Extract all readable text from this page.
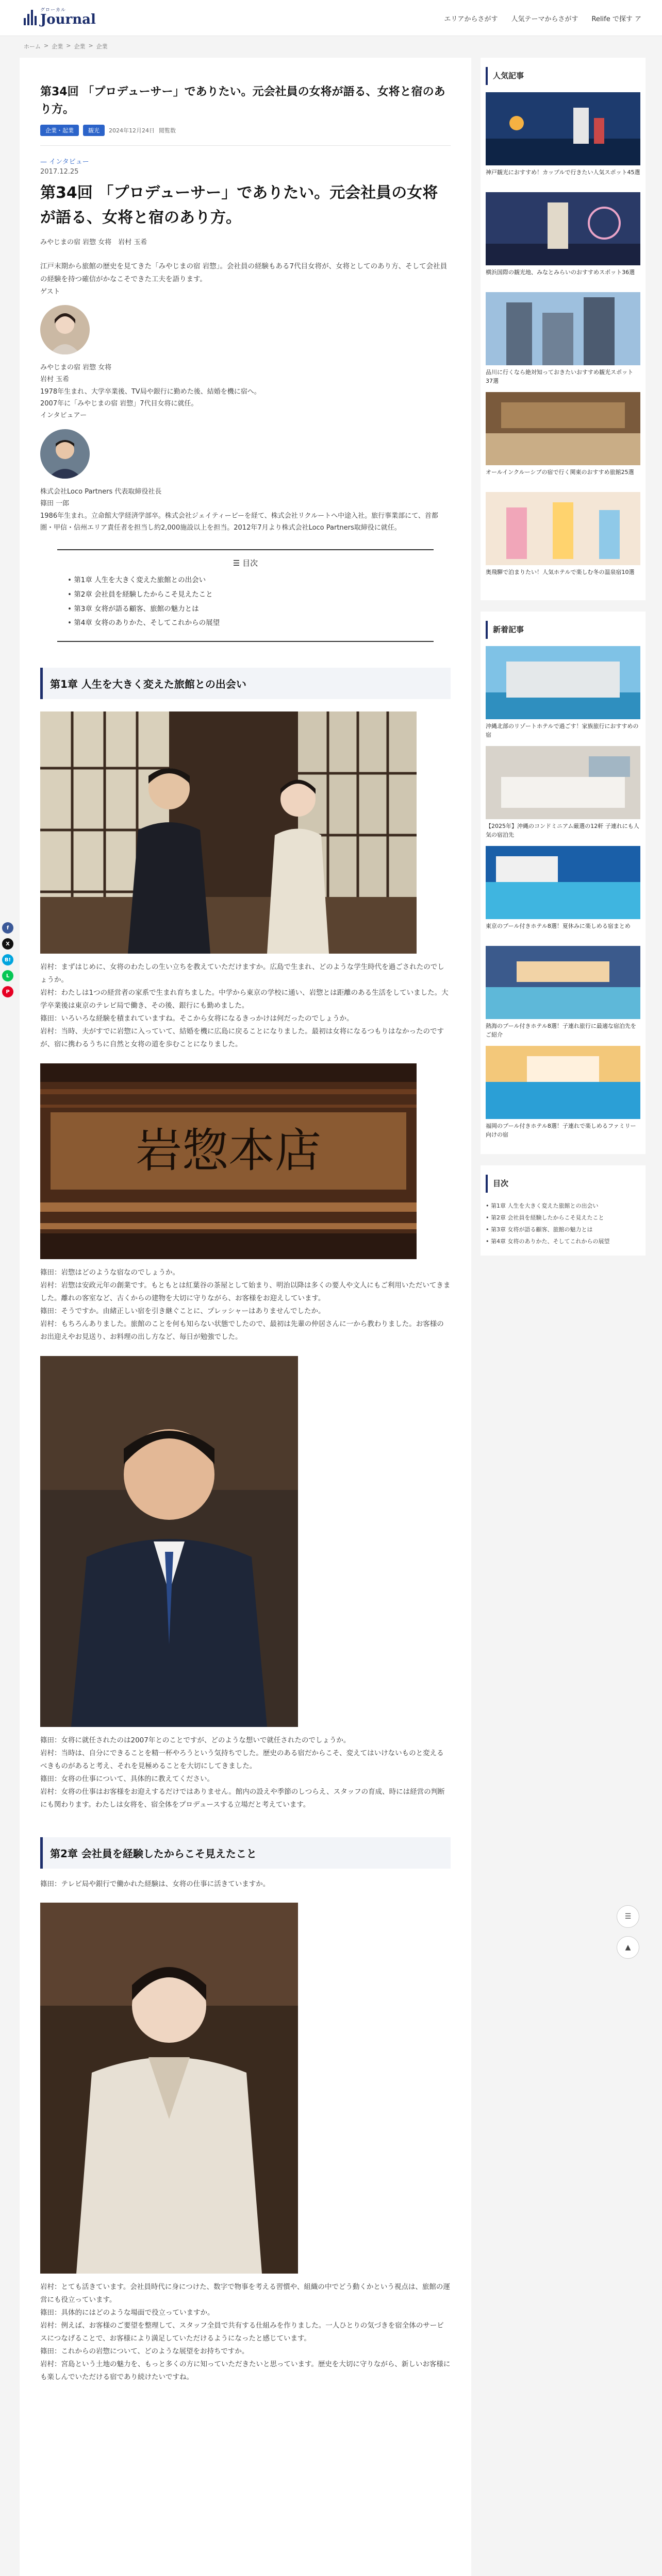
グローカル
Journal	エリアからさがす 人気テーマからさがす Relife で探す ア
ホーム > 企業 > 企業 > 企業
f
X
B!
L
P
第34回 「プロデューサー」でありたい。元会社員の女将が語る、女将と宿のあり方。
企業・起業	観光	2024年12月24日 閲覧数
— インタビュー
2017.12.25
第34回 「プロデューサー」でありたい。元会社員の女将が語る、女将と宿のあり方。
みやじまの宿 岩惣 女将　岩村 玉希

江戸末期から旅館の歴史を見てきた「みやじまの宿 岩惣」。会社員の経験もある7代目女将が、女将としてのあり方、そして会社員の経験を持つ確信がかなこそできた工夫を語ります。

ゲスト
みやじまの宿 岩惣 女将
岩村 玉希

1978年生まれ、大学卒業後、TV局や銀行に勤めた後、結婚を機に宿へ。2007年に「みやじまの宿 岩惣」7代目女将に就任。

インタビュアー
株式会社Loco Partners 代表取締役社長
篠田 一郎

1986年生まれ。立命館大学経済学部卒。株式会社ジェイティービーを経て、株式会社リクルートへ中途入社。旅行事業部にて、首都圏・甲信・信州エリア責任者を担当し約2,000施設以上を担当。2012年7月より株式会社Loco Partners取締役に就任。

☰ 目次
• 第1章 人生を大きく変えた旅館との出会い
• 第2章 会社員を経験したからこそ見えたこと
• 第3章 女将が語る顧客、旅館の魅力とは
• 第4章 女将のありかた、そしてこれからの展望
第1章 人生を大きく変えた旅館との出会い

岩村：まずはじめに、女将のわたしの生い立ちを教えていただけますか。広島で生まれ、どのような学生時代を過ごされたのでしょうか。

岩村：わたしは1つの経営者の家系で生まれ育ちました。中学から東京の学校に通い、岩惣とは距離のある生活をしていました。大学卒業後は東京のテレビ局で働き、その後、銀行にも勤めました。

篠田：いろいろな経験を積まれていますね。そこから女将になるきっかけは何だったのでしょうか。

岩村：当時、夫がすでに岩惣に入っていて、結婚を機に広島に戻ることになりました。最初は女将になるつもりはなかったのですが、宿に携わるうちに自然と女将の道を歩むことになりました。

岩惣本店

篠田：岩惣はどのような宿なのでしょうか。

岩村：岩惣は安政元年の創業です。もともとは紅葉谷の茶屋として始まり、明治以降は多くの要人や文人にもご利用いただいてきました。離れの客室など、古くからの建物を大切に守りながら、お客様をお迎えしています。

篠田：そうですか。由緒正しい宿を引き継ぐことに、プレッシャーはありませんでしたか。

岩村：もちろんありました。旅館のことを何も知らない状態でしたので、最初は先輩の仲居さんに一から教わりました。お客様のお出迎えやお見送り、お料理の出し方など、毎日が勉強でした。

篠田：女将に就任されたのは2007年とのことですが、どのような想いで就任されたのでしょうか。

岩村：当時は、自分にできることを精一杯やろうという気持ちでした。歴史のある宿だからこそ、変えてはいけないものと変えるべきものがあると考え、それを見極めることを大切にしてきました。

篠田：女将の仕事について、具体的に教えてください。

岩村：女将の仕事はお客様をお迎えするだけではありません。館内の設えや季節のしつらえ、スタッフの育成、時には経営の判断にも関わります。わたしは女将を、宿全体をプロデュースする立場だと考えています。

第2章 会社員を経験したからこそ見えたこと

篠田：テレビ局や銀行で働かれた経験は、女将の仕事に活きていますか。

岩村：とても活きています。会社員時代に身につけた、数字で物事を考える習慣や、組織の中でどう動くかという視点は、旅館の運営にも役立っています。

篠田：具体的にはどのような場面で役立っていますか。

岩村：例えば、お客様のご要望を整理して、スタッフ全員で共有する仕組みを作りました。一人ひとりの気づきを宿全体のサービスにつなげることで、お客様により満足していただけるようになったと感じています。

篠田：これからの岩惣について、どのような展望をお持ちですか。

岩村：宮島という土地の魅力を、もっと多くの方に知っていただきたいと思っています。歴史を大切に守りながら、新しいお客様にも楽しんでいただける宿であり続けたいですね。

人気記事
神戸観光におすすめ！カップルで行きたい人気スポット45選
横浜国際の観光地、みなとみらいのおすすめスポット36選
品川に行くなら絶対知っておきたいおすすめ観光スポット37選
オールインクルーシブの宿で行く関東のおすすめ旅館25選
奥飛騨で泊まりたい！人気ホテルで楽しむ冬の温泉宿10選
新着記事
沖縄北部のリゾートホテルで過ごす！家族旅行におすすめの宿
【2025年】沖縄のコンドミニアム厳選の12軒 子連れにも人気の宿泊先
東京のプール付きホテル8選！夏休みに楽しめる宿まとめ
熱海のプール付きホテル8選！子連れ旅行に最適な宿泊先をご紹介
福岡のプール付きホテル8選！子連れで楽しめるファミリー向けの宿
目次
• 第1章 人生を大きく変えた旅館との出会い
• 第2章 会社員を経験したからこそ見えたこと
• 第3章 女将が語る顧客、旅館の魅力とは
• 第4章 女将のありかた、そしてこれからの展望
☰
▲
